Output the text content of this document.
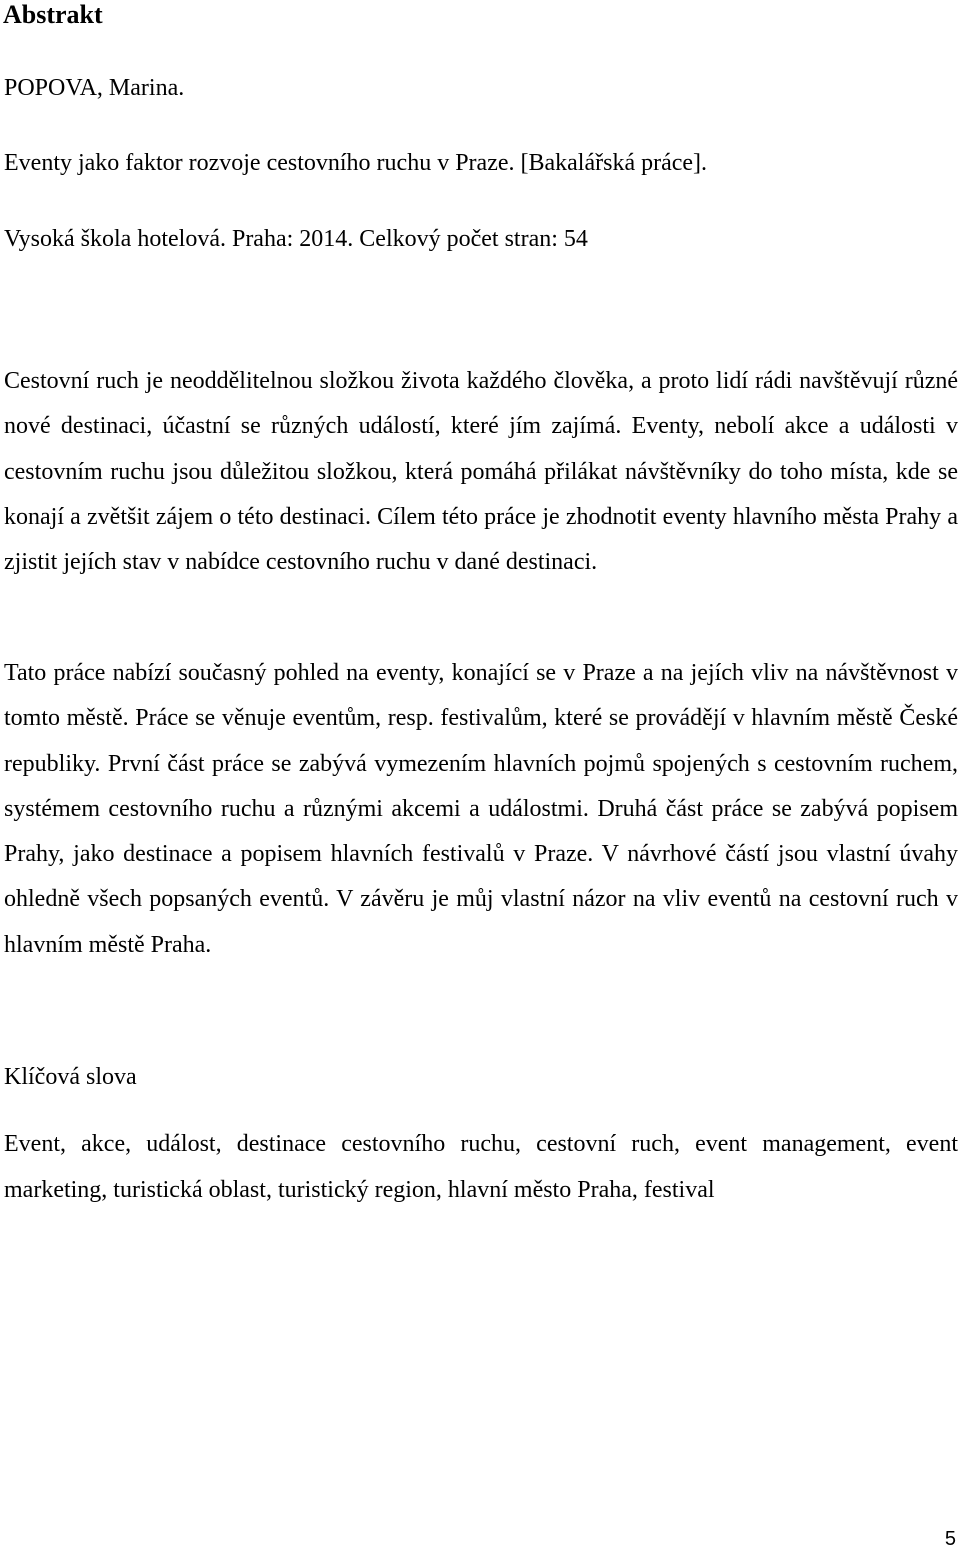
Abstrakt

POPOVA, Marina.

Eventy jako faktor rozvoje cestovního ruchu v Praze. [Bakalářská práce].

Vysoká škola hotelová. Praha: 2014. Celkový počet stran: 54

Cestovní ruch je neoddělitelnou složkou života každého člověka, a proto lidí rádi navštěvují různé nové destinaci, účastní se různých událostí, které jím zajímá. Eventy, nebolí akce a události v cestovním ruchu jsou důležitou složkou, která pomáhá přilákat návštěvníky do toho místa, kde se konají a zvětšit zájem o této destinaci. Cílem této práce je zhodnotit eventy hlavního města Prahy a zjistit jejích stav v nabídce cestovního ruchu v dané destinaci.

Tato práce nabízí současný pohled na eventy, konající se v Praze a na jejích vliv na návštěvnost v tomto městě. Práce se věnuje eventům, resp. festivalům, které se provádějí v hlavním městě České republiky. První část práce se zabývá vymezením hlavních pojmů spojených s cestovním ruchem, systémem cestovního ruchu a různými akcemi a událostmi. Druhá část práce se zabývá popisem Prahy, jako destinace a popisem hlavních festivalů v Praze. V návrhové částí jsou vlastní úvahy ohledně všech popsaných eventů. V závěru je můj vlastní názor na vliv eventů na cestovní ruch v hlavním městě Praha.

Klíčová slova

Event, akce, událost, destinace cestovního ruchu, cestovní ruch, event management, event marketing, turistická oblast, turistický region, hlavní město Praha, festival

5
